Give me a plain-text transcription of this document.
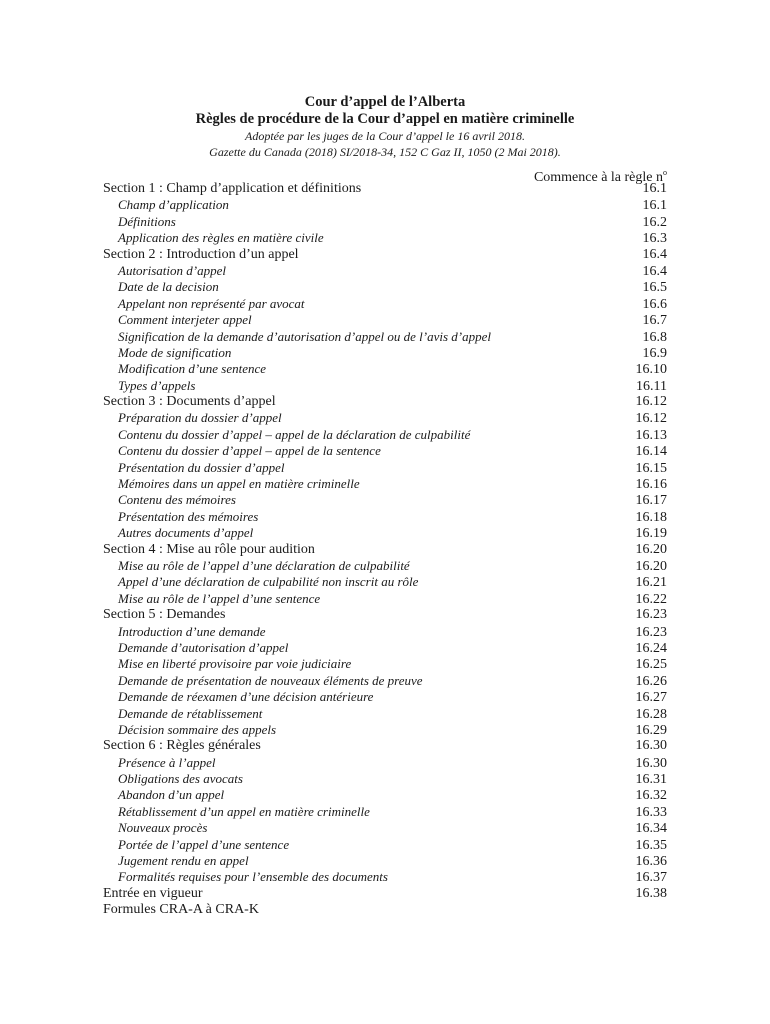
Cour d’appel de l’Alberta
Règles de procédure de la Cour d’appel en matière criminelle
Adoptée par les juges de la Cour d’appel le 16 avril 2018.
Gazette du Canada (2018) SI/2018-34, 152 C Gaz II, 1050 (2 Mai 2018).
Commence à la règle $n^o$
Section 1 : Champ d’application et définitions	16.1
Champ d’application	16.1
Définitions	16.2
Application des règles en matière civile	16.3
Section 2 : Introduction d’un appel	16.4
Autorisation d’appel	16.4
Date de la decision	16.5
Appelant non représenté par avocat	16.6
Comment interjeter appel	16.7
Signification de la demande d’autorisation d’appel ou de l’avis d’appel	16.8
Mode de signification	16.9
Modification d’une sentence	16.10
Types d’appels	16.11
Section 3 : Documents d’appel	16.12
Préparation du dossier d’appel	16.12
Contenu du dossier d’appel – appel de la déclaration de culpabilité	16.13
Contenu du dossier d’appel – appel de la sentence	16.14
Présentation du dossier d’appel	16.15
Mémoires dans un appel en matière criminelle	16.16
Contenu des mémoires	16.17
Présentation des mémoires	16.18
Autres documents d’appel	16.19
Section 4 : Mise au rôle pour audition	16.20
Mise au rôle de l’appel d’une déclaration de culpabilité	16.20
Appel d’une déclaration de culpabilité non inscrit au rôle	16.21
Mise au rôle de l’appel d’une sentence	16.22
Section 5 : Demandes	16.23
Introduction d’une demande	16.23
Demande d’autorisation d’appel	16.24
Mise en liberté provisoire par voie judiciaire	16.25
Demande de présentation de nouveaux éléments de preuve	16.26
Demande de réexamen d’une décision antérieure	16.27
Demande de rétablissement	16.28
Décision sommaire des appels	16.29
Section 6 : Règles générales	16.30
Présence à l’appel	16.30
Obligations des avocats	16.31
Abandon d’un appel	16.32
Rétablissement d’un appel en matière criminelle	16.33
Nouveaux procès	16.34
Portée de l’appel d’une sentence	16.35
Jugement rendu en appel	16.36
Formalités requises pour l’ensemble des documents	16.37
Entrée en vigueur	16.38
Formules CRA-A à CRA-K
